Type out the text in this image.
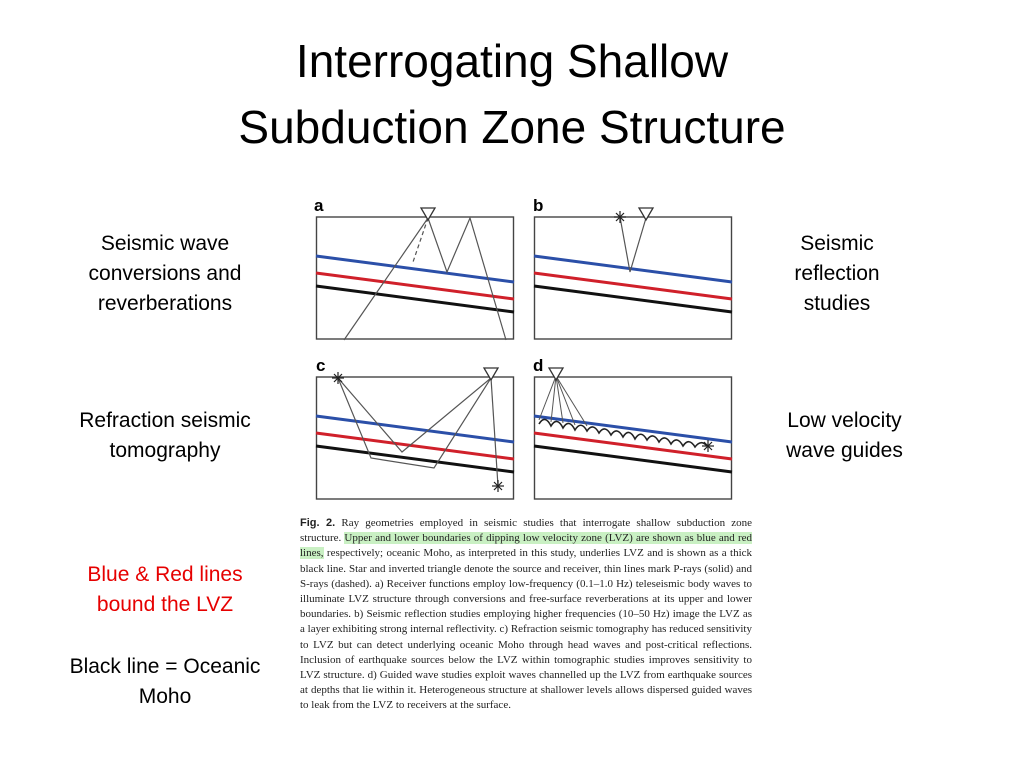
Interrogating Shallow
Subduction Zone Structure
Seismic wave
conversions and
reverberations
Seismic
reflection
studies
Refraction seismic
tomography
Low velocity
wave guides
Blue & Red lines
bound the LVZ
Black line = Oceanic
Moho
a	b
c	d
Fig. 2. Ray geometries employed in seismic studies that interrogate shallow subduction zone structure. Upper and lower boundaries of dipping low velocity zone (LVZ) are shown as blue and red lines, respectively; oceanic Moho, as interpreted in this study, underlies LVZ and is shown as a thick black line. Star and inverted triangle denote the source and receiver, thin lines mark P-rays (solid) and S-rays (dashed). a) Receiver functions employ low-frequency (0.1–1.0 Hz) teleseismic body waves to illuminate LVZ structure through conversions and free-surface reverberations at its upper and lower boundaries. b) Seismic reflection studies employing higher frequencies (10–50 Hz) image the LVZ as a layer exhibiting strong internal reflectivity. c) Refraction seismic tomography has reduced sensitivity to LVZ but can detect underlying oceanic Moho through head waves and post-critical reflections. Inclusion of earthquake sources below the LVZ within tomographic studies improves sensitivity to LVZ structure. d) Guided wave studies exploit waves channelled up the LVZ from earthquake sources at depths that lie within it. Heterogeneous structure at shallower levels allows dispersed guided waves to leak from the LVZ to receivers at the surface.
